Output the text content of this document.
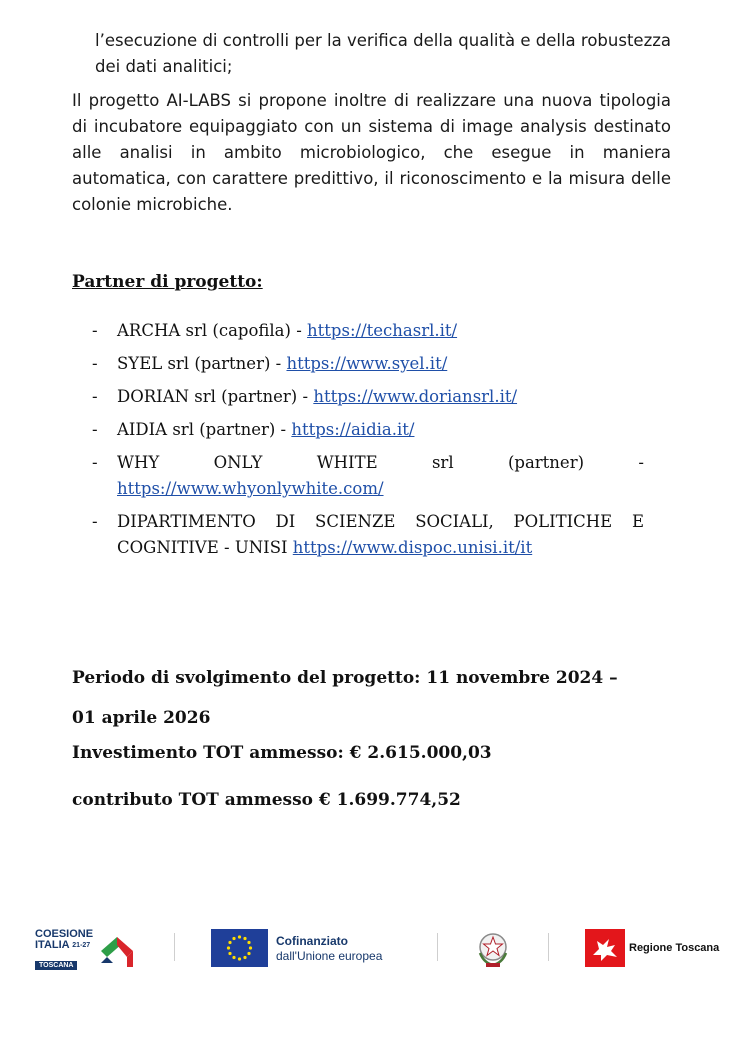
l’esecuzione di controlli per la verifica della qualità e della robustezza dei dati analitici;
Il progetto AI-LABS si propone inoltre di realizzare una nuova tipologia di incubatore equipaggiato con un sistema di image analysis destinato alle analisi in ambito microbiologico, che esegue in maniera automatica, con carattere predittivo, il riconoscimento e la misura delle colonie microbiche.
Partner di progetto:
- ARCHA srl (capofila) - https://techasrl.it/
- SYEL srl (partner) - https://www.syel.it/
- DORIAN srl (partner) - https://www.doriansrl.it/
- AIDIA srl (partner) - https://aidia.it/
- WHY	ONLY	WHITE	srl	(partner)	-
https://www.whyonlywhite.com/
- DIPARTIMENTO DI SCIENZE SOCIALI, POLITICHE E COGNITIVE - UNISI https://www.dispoc.unisi.it/it
Periodo di svolgimento del progetto: 11 novembre 2024 – 01 aprile 2026
Investimento TOT ammesso: € 2.615.000,03
contributo TOT ammesso € 1.699.774,52
COESIONE
ITALIA $^{21-27}$
TOSCANA
Cofinanziato
dall'Unione europea
Regione Toscana
